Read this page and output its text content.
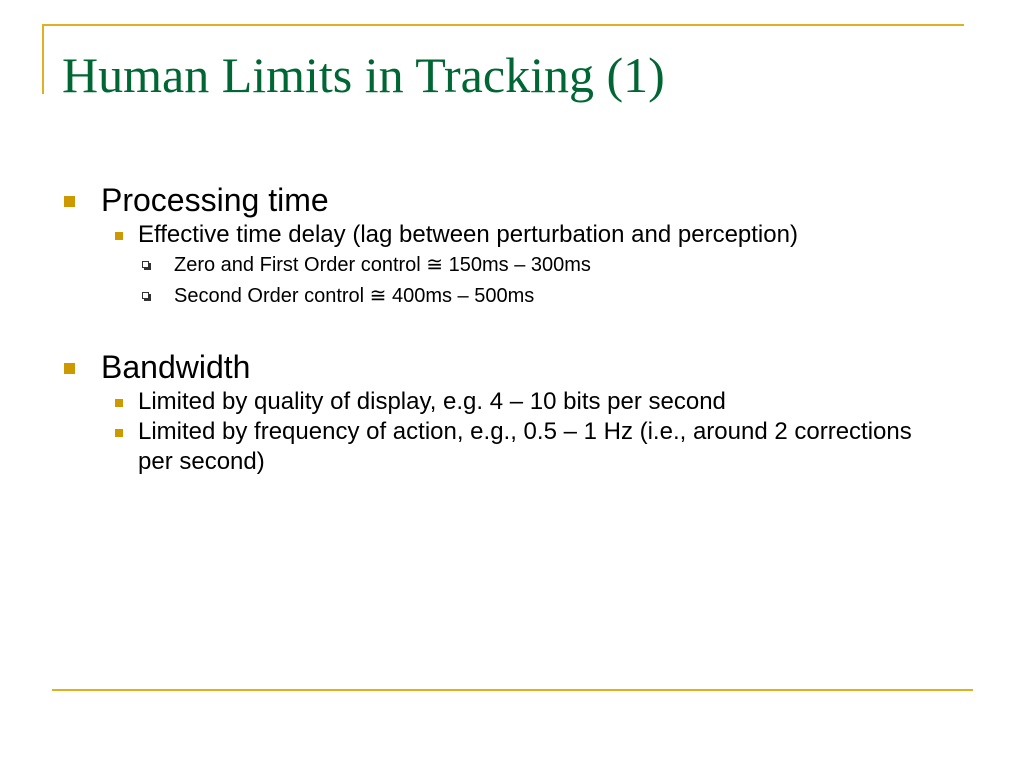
Human Limits in Tracking (1)
Processing time
Effective time delay (lag between perturbation and perception)
Zero and First Order control ≅ 150ms – 300ms
Second Order control ≅ 400ms – 500ms
Bandwidth
Limited by quality of display, e.g. 4 – 10 bits per second
Limited by frequency of action, e.g., 0.5 – 1 Hz (i.e., around 2 corrections per second)
